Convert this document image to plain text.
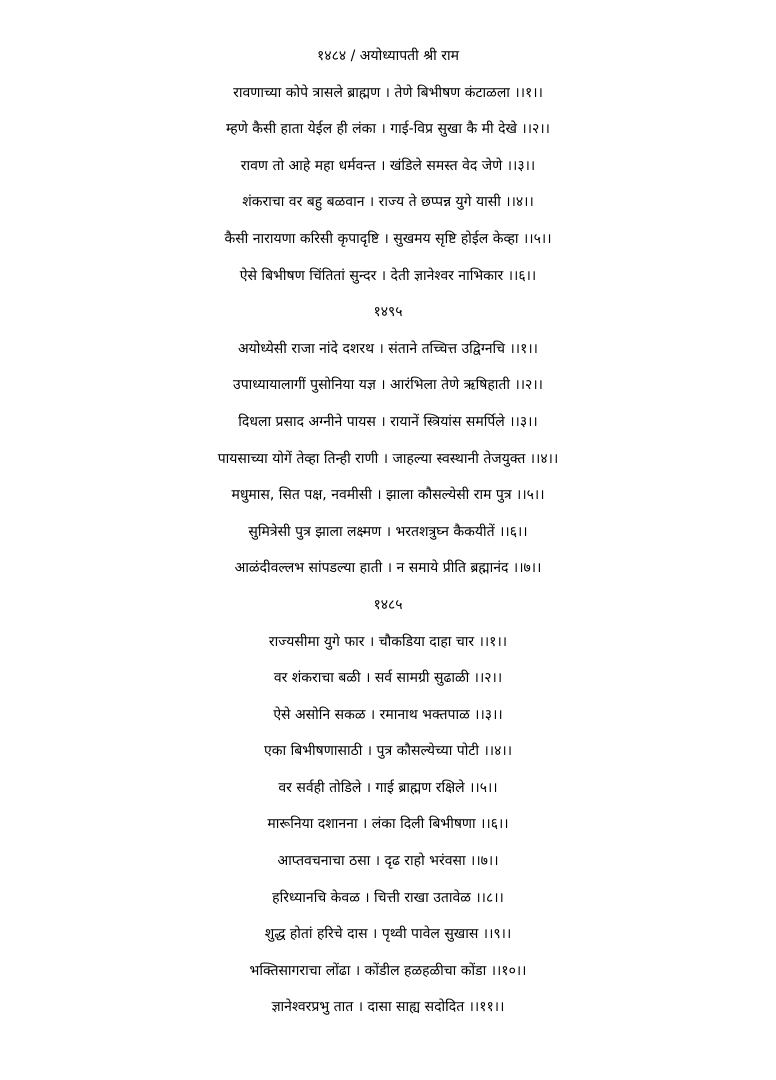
१४८४ / अयोध्यापती श्री राम
रावणाच्या कोपे त्रासले ब्राह्मण । तेणे बिभीषण कंटाळला ।।१।।
म्हणे कैसी हाता येईल ही लंका । गाई-विप्र सुखा कै मी देखे ।।२।।
रावण तो आहे महा धर्मवन्त । खंडिले समस्त वेद जेणे ।।३।।
शंकराचा वर बहु बळवान । राज्य ते छप्पन्न युगे यासी ।।४।।
कैसी नारायणा करिसी कृपादृष्टि । सुखमय सृष्टि होईल केव्हा ।।५।।
ऐसे बिभीषण चिंतितां सुन्दर । देती ज्ञानेश्वर नाभिकार ।।६।।
१४९५
अयोध्येसी राजा नांदे दशरथ । संताने तच्चित्त उद्विग्नचि ।।१।।
उपाध्यायालागीं पुसोनिया यज्ञ । आरंभिला तेणे ऋषिहाती ।।२।।
दिधला प्रसाद अग्नीने पायस । रायानें स्त्रियांस समर्पिले ।।३।।
पायसाच्या योगें तेव्हा तिन्ही राणी । जाहल्या स्वस्थानी तेजयुक्त ।।४।।
मधुमास, सित पक्ष, नवमीसी । झाला कौसल्येसी राम पुत्र ।।५।।
सुमित्रेसी पुत्र झाला लक्ष्मण । भरतशत्रुघ्न कैकयीतें ।।६।।
आळंदीवल्लभ सांपडल्या हाती । न समाये प्रीति ब्रह्मानंद ।।७।।
१४८५
राज्यसीमा युगे फार । चौकडिया दाहा चार ।।१।।
वर शंकराचा बळी । सर्व सामग्री सुढाळी ।।२।।
ऐसे असोनि सकळ । रमानाथ भक्तपाळ ।।३।।
एका बिभीषणासाठी । पुत्र कौसल्येच्या पोटी ।।४।।
वर सर्वही तोडिले । गाई ब्राह्मण रक्षिले ।।५।।
मारूनिया दशानना । लंका दिली बिभीषणा ।।६।।
आप्तवचनाचा ठसा । दृढ राहो भरंवसा ।।७।।
हरिध्यानचि केवळ । चित्ती राखा उतावेळ ।।८।।
शुद्ध होतां हरिचे दास । पृथ्वी पावेल सुखास ।।९।।
भक्तिसागराचा लोंढा । कोंडील हळहळीचा कोंडा ।।१०।।
ज्ञानेश्वरप्रभु तात । दासा साह्य सदोदित ।।११।।
